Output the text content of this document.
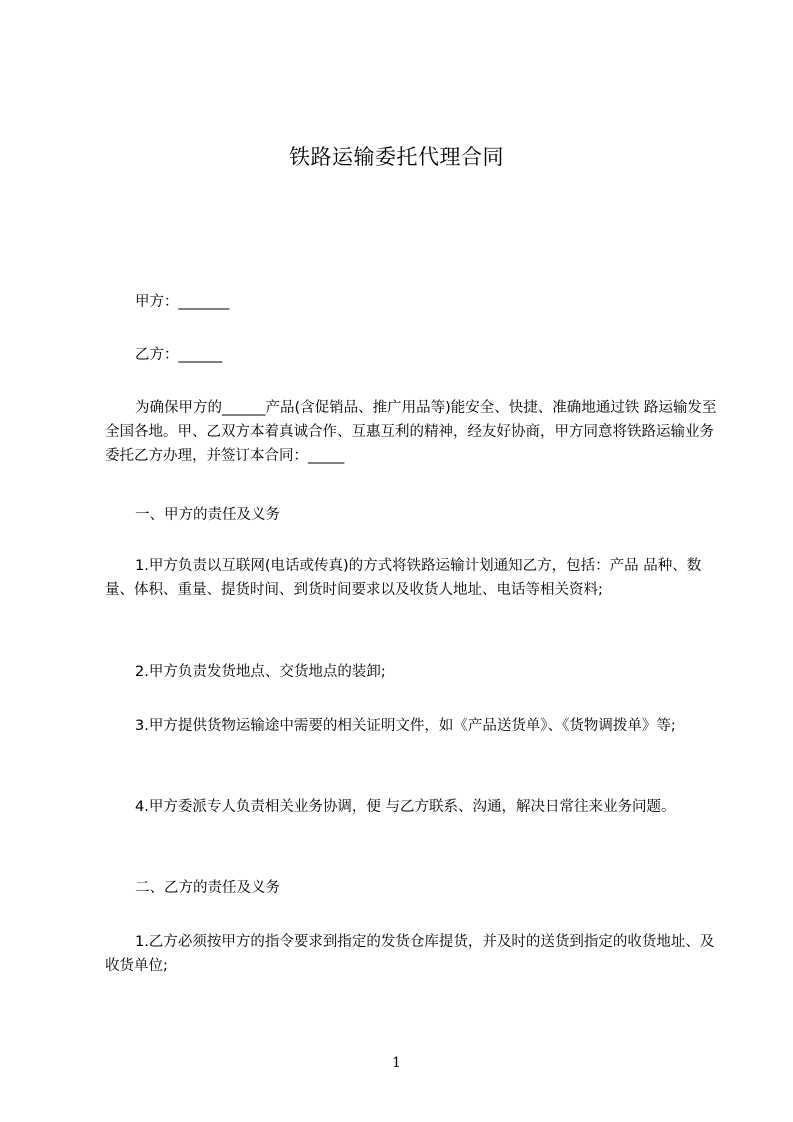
铁路运输委托代理合同

甲方：_______

乙方：______

为确保甲方的______产品(含促销品、推广用品等)能安全、快捷、准确地通过铁 路运输发至全国各地。甲、乙双方本着真诚合作、互惠互利的精神，经友好协商，甲方同意将铁路运输业务委托乙方办理，并签订本合同：_____

一、甲方的责任及义务

1.甲方负责以互联网(电话或传真)的方式将铁路运输计划通知乙方，包括：产品 品种、数量、体积、重量、提货时间、到货时间要求以及收货人地址、电话等相关资料;

2.甲方负责发货地点、交货地点的装卸;

3.甲方提供货物运输途中需要的相关证明文件，如《产品送货单》、《货物调拨单》等;

4.甲方委派专人负责相关业务协调，便 与乙方联系、沟通，解决日常往来业务问题。

二、乙方的责任及义务

1.乙方必须按甲方的指令要求到指定的发货仓库提货，并及时的送货到指定的收货地址、及收货单位;

1
